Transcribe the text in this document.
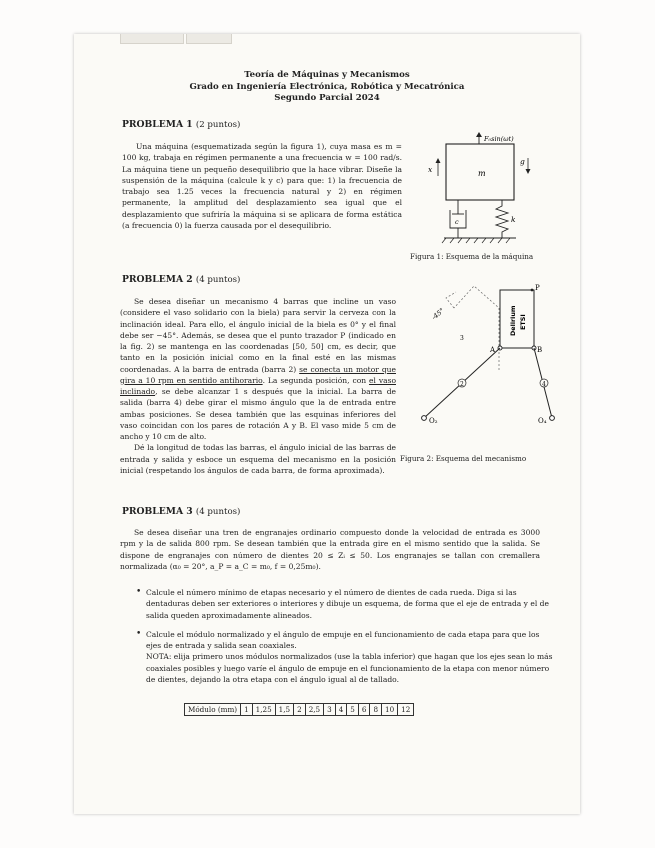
Teoría de Máquinas y Mecanismos
Grado en Ingeniería Electrónica, Robótica y Mecatrónica
Segundo Parcial 2024
PROBLEMA 1 (2 puntos)

Una máquina (esquematizada según la figura 1), cuya masa es m = 100 kg, trabaja en régimen permanente a una frecuencia w = 100 rad/s. La máquina tiene un pequeño desequilibrio que la hace vibrar. Diseñe la suspensión de la máquina (calcule k y c) para que: 1) la frecuencia de trabajo sea 1.25 veces la frecuencia natural y 2) en régimen permanente, la amplitud del desplazamiento sea igual que el desplazamiento que sufriría la máquina si se aplicara de forma estática (a frecuencia 0) la fuerza causada por el desequilibrio.

F₀sin(ωt)
m
x
g
c	k
Figura 1: Esquema de la máquina
PROBLEMA 2 (4 puntos)

Se desea diseñar un mecanismo 4 barras que incline un vaso (considere el vaso solidario con la biela) para servir la cerveza con la inclinación ideal. Para ello, el ángulo inicial de la biela es 0° y el final debe ser −45°. Además, se desea que el punto trazador P (indicado en la fig. 2) se mantenga en las coordenadas [50, 50] cm, es decir, que tanto en la posición inicial como en la final esté en las mismas coordenadas. A la barra de entrada (barra 2) se conecta un motor que gira a 10 rpm en sentido antihorario. La segunda posición, con el vaso inclinado, se debe alcanzar 1 s después que la inicial. La barra de salida (barra 4) debe girar el mismo ángulo que la de entrada entre ambas posiciones. Se desea también que las esquinas inferiores del vaso coincidan con los pares de rotación A y B. El vaso mide 5 cm de ancho y 10 cm de alto.

Dé la longitud de todas las barras, el ángulo inicial de las barras de entrada y salida y esboce un esquema del mecanismo en la posición inicial (respetando los ángulos de cada barra, de forma aproximada).

-45°
3
Delirium ETSI
P
A	B
2	4
O₂	O₄
Figura 2: Esquema del mecanismo
PROBLEMA 3 (4 puntos)

Se desea diseñar una tren de engranajes ordinario compuesto donde la velocidad de entrada es 3000 rpm y la de salida 800 rpm. Se desean también que la entrada gire en el mismo sentido que la salida. Se dispone de engranajes con número de dientes 20 ≤ Zᵢ ≤ 50. Los engranajes se tallan con cremallera normalizada (α₀ = 20°, a_P = a_C = m₀, f = 0,25m₀).

• Calcule el número mínimo de etapas necesario y el número de dientes de cada rueda. Diga si las dentaduras deben ser exteriores o interiores y dibuje un esquema, de forma que el eje de entrada y el de salida queden aproximadamente alineados.
• Calcule el módulo normalizado y el ángulo de empuje en el funcionamiento de cada etapa para que los ejes de entrada y salida sean coaxiales.
NOTA: elija primero unos módulos normalizados (use la tabla inferior) que hagan que los ejes sean lo más coaxiales posibles y luego varíe el ángulo de empuje en el funcionamiento de la etapa con menor número de dientes, dejando la otra etapa con el ángulo igual al de tallado.
Módulo (mm)	1	1,25	1,5	2	2,5	3	4	5	6	8	10	12
